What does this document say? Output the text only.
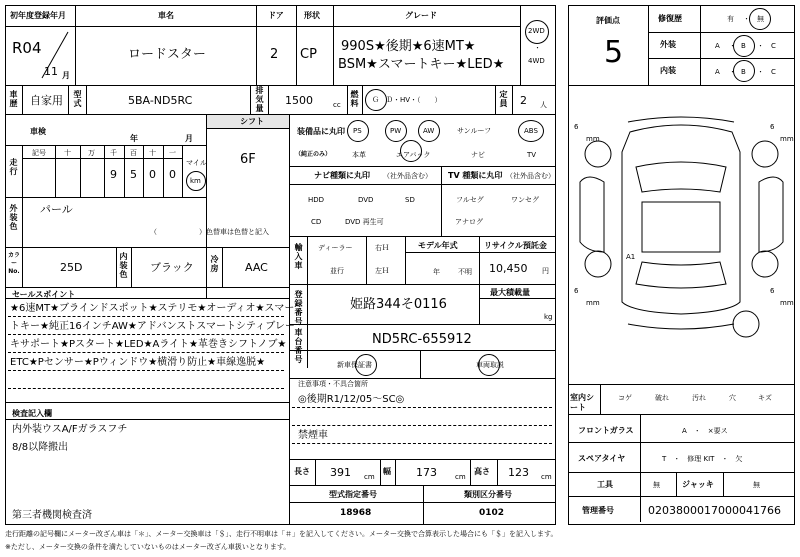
初年度登録年月
R04
11 月
車名
ロードスター
ドア
2
形状
CP
グレード
990S★後期★6速MT★
BSM★スマートキー★LED★
2WD
・
4WD
車歴 自家用 型式	5BA-ND5RC
排気量
1500	cc
燃料 Ｇ　Ｄ・HV・（　　）
定員 2 人
車検
年	月
シフト
6F
走行
記号	十 万 千 百 十 一
9 5 0 0
マイル
km
外装色
パール
（　　　　　　）色替車は色替と記入
カラー No.	25D
内装色
ブラック
冷房 AAC
セールスポイント
★6速MT★ブラインドスポット★ステリモ★オーディオ★スマー
トキー★純正16インチAW★アドバンストスマートシティブレー
キサポート★Pスタート★LED★Aライト★革巻きシフトノブ★
ETC★Pセンサー★Pウィンドウ★横滑り防止★車線逸脱★
検査記入欄
内外装ウスA/Fガラスフチ
8/8以降搬出
第三者機関検査済
装備品に丸印
（純正のみ）
PS	PW	AW	サンルーフ	ABS
本革	エアバック	ナビ	TV
ナビ種類に丸印 （社外品含む） TV 種類に丸印 （社外品含む）
HDD	DVD	SD
CD	DVD 再生可
フルセグ	ワンセグ
アナログ
輸入車
ディーラー
並行
右Ｈ
左Ｈ
モデル年式
年	不明
リサイクル預託金
10,450 円
登録番号
姫路344そ0116
最大積載量
kg
車台番号
ND5RC-655912
新車保証書	車両取説
注意事項・不具合箇所
◎後期R1/12/05～SC◎
禁煙車
長さ 391 cm
幅 173	cm
高さ 123 cm
型式指定番号	類別区分番号
18968	0102
評価点
5
修復歴	有 ・ 無
外装	A ・ B ・ C
内装	A ・ B ・ C
6	6
A1
6	6
mm	mm
mm	mm
室内シート
コゲ	破れ	汚れ	穴	キズ
フロントガラス	A　・　×要ス
スペアタイヤ	T　・　修理 KIT　・　欠
工具	無	ジャッキ	無
管理番号	0203800017000041766
走行距離の記号欄にメーター改ざん車は「＊」、メーター交換車は「＄」、走行不明車は「＃」を記入してください。メーター交換で合算表示した場合にも「＄」を記入します。
※ただし、メーター交換の条件を満たしていないものはメーター改ざん車扱いとなります。
